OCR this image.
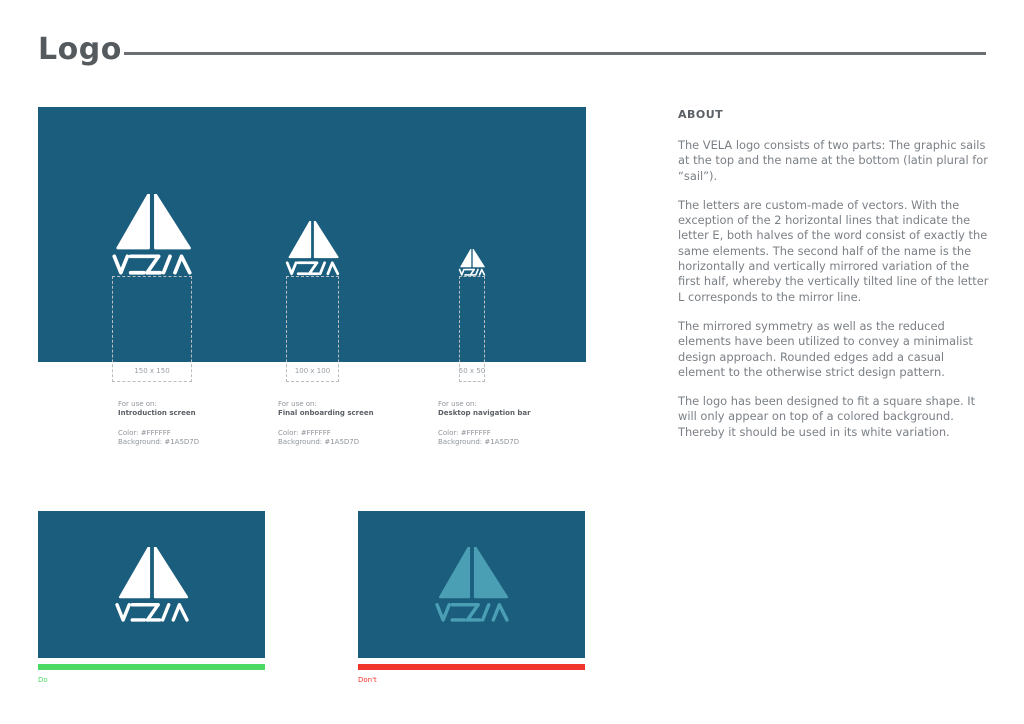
Logo
150 x 150	100 x 100	50 x 50
For use on:
Introduction screen
Color: #FFFFFF
Background: #1A5D7D
For use on:
Final onboarding screen
Color: #FFFFFF
Background: #1A5D7D
For use on:
Desktop navigation bar
Color: #FFFFFF
Background: #1A5D7D
ABOUT

The VELA logo consists of two parts: The graphic sails at the top and the name at the bottom (latin plural for “sail”).

The letters are custom-made of vectors. With the exception of the 2 horizontal lines that indicate the letter E, both halves of the word consist of exactly the same elements. The second half of the name is the horizontally and vertically mirrored variation of the first half, whereby the vertically tilted line of the letter L corresponds to the mirror line.

The mirrored symmetry as well as the reduced elements have been utilized to convey a minimalist design approach. Rounded edges add a casual element to the otherwise strict design pattern.

The logo has been designed to fit a square shape. It will only appear on top of a colored background. Thereby it should be used in its white variation.

Do	Don't
